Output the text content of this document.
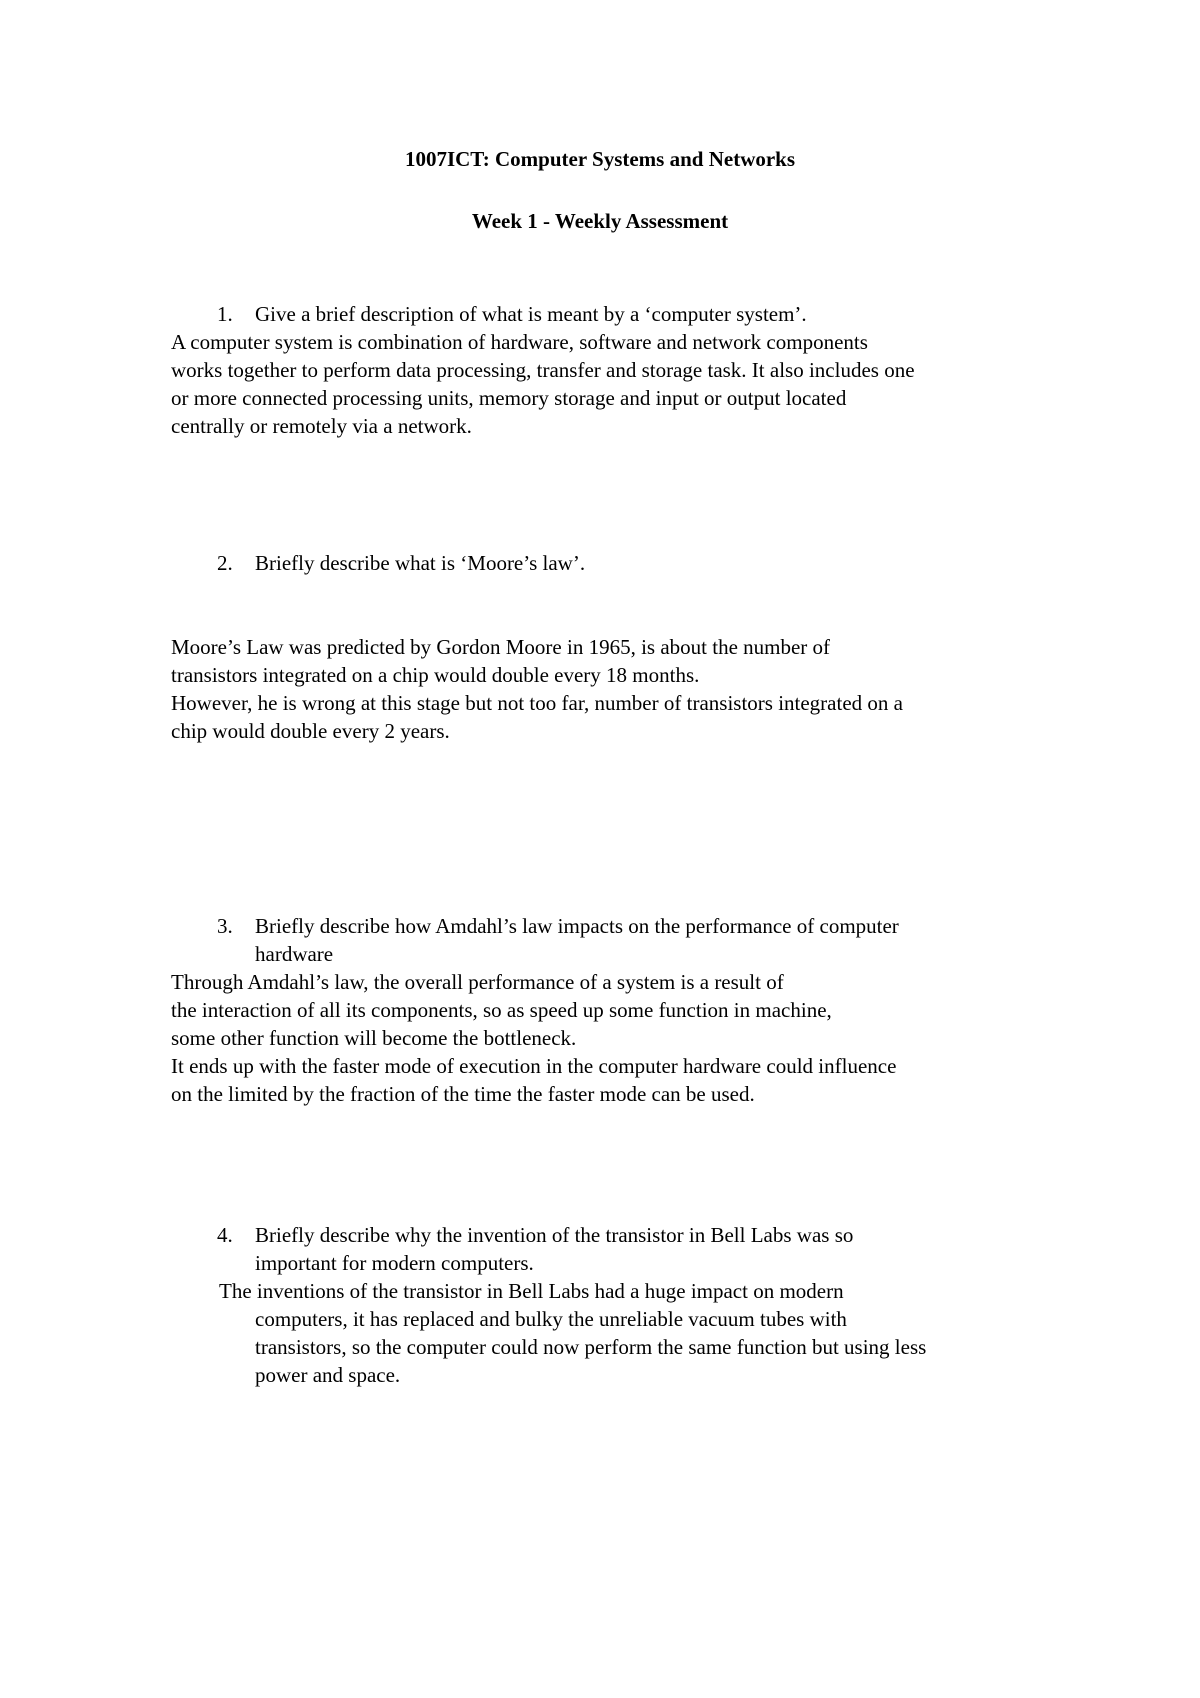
1007ICT: Computer Systems and Networks
Week 1 - Weekly Assessment
1. Give a brief description of what is meant by a ‘computer system’.
A computer system is combination of hardware, software and network components
works together to perform data processing, transfer and storage task. It also includes one
or more connected processing units, memory storage and input or output located
centrally or remotely via a network.
2. Briefly describe what is ‘Moore’s law’.
Moore’s Law was predicted by Gordon Moore in 1965, is about the number of
transistors integrated on a chip would double every 18 months.
However, he is wrong at this stage but not too far, number of transistors integrated on a
chip would double every 2 years.
3. Briefly describe how Amdahl’s law impacts on the performance of computer
hardware
Through Amdahl’s law, the overall performance of a system is a result of
the interaction of all its components, so as speed up some function in machine,
some other function will become the bottleneck.
It ends up with the faster mode of execution in the computer hardware could influence
on the limited by the fraction of the time the faster mode can be used.
4. Briefly describe why the invention of the transistor in Bell Labs was so
important for modern computers.
The inventions of the transistor in Bell Labs had a huge impact on modern
computers, it has replaced and bulky the unreliable vacuum tubes with
transistors, so the computer could now perform the same function but using less
power and space.
